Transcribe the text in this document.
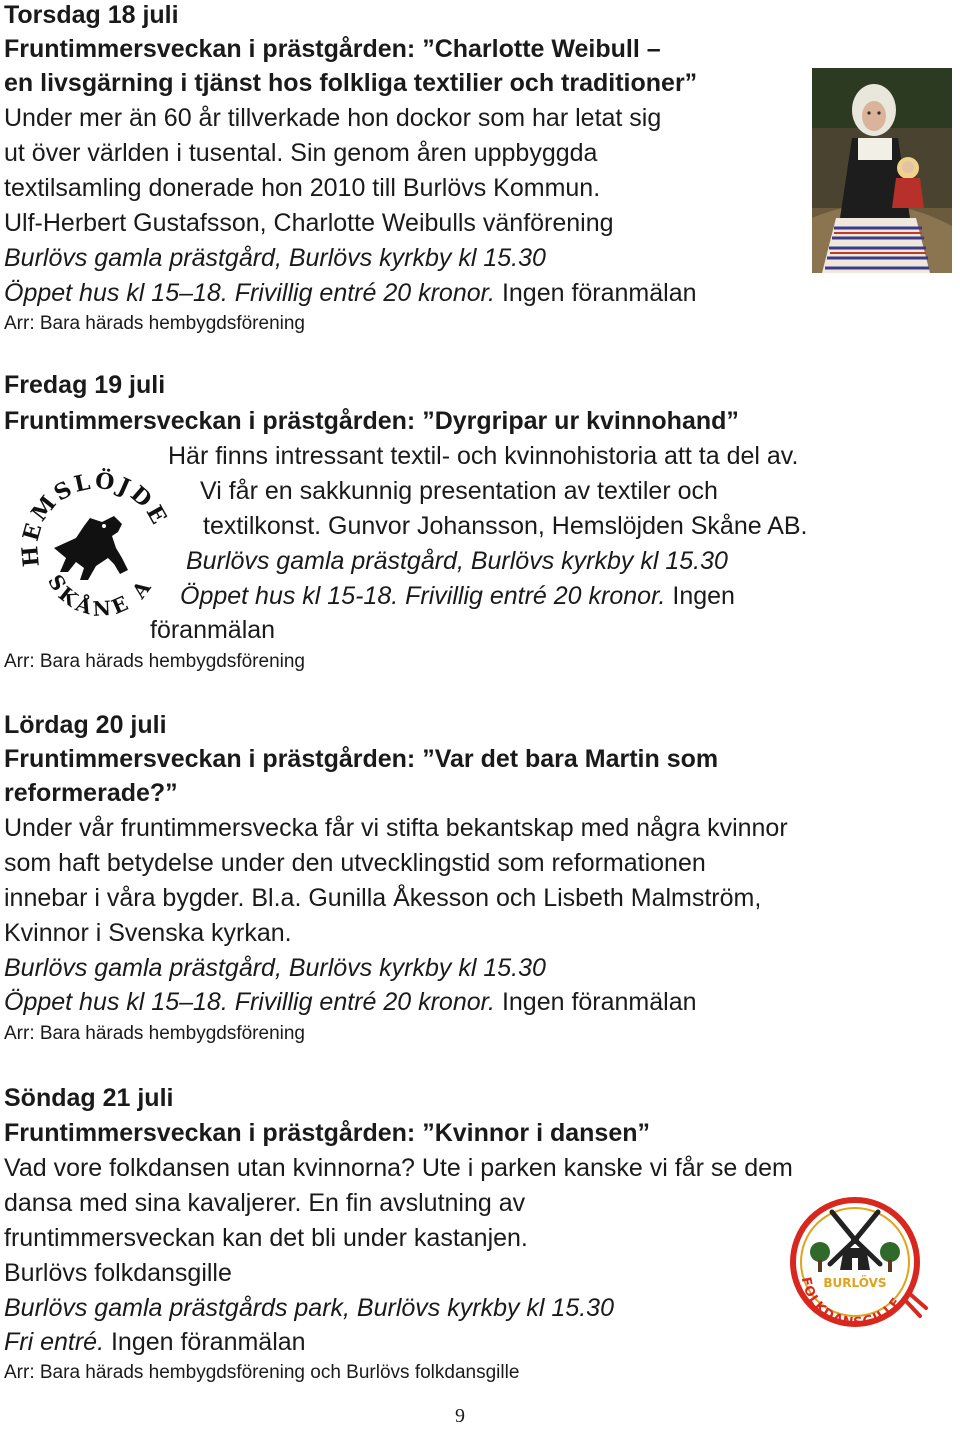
Torsdag 18 juli
Fruntimmersveckan i prästgården: ”Charlotte Weibull –
en livsgärning i tjänst hos folkliga textilier och traditioner”
Under mer än 60 år tillverkade hon dockor som har letat sig
ut över världen i tusental. Sin genom åren uppbyggda
textilsamling donerade hon 2010 till Burlövs Kommun.
Ulf-Herbert Gustafsson, Charlotte Weibulls vänförening
Burlövs gamla prästgård, Burlövs kyrkby kl 15.30
Öppet hus kl 15–18. Frivillig entré 20 kronor. Ingen föranmälan
Arr: Bara härads hembygdsförening
Fredag 19 juli
Fruntimmersveckan i prästgården: ”Dyrgripar ur kvinnohand”
Här finns intressant textil- och kvinnohistoria att ta del av.
Vi får en sakkunnig presentation av textiler och
textilkonst. Gunvor Johansson, Hemslöjden Skåne AB.
Burlövs gamla prästgård, Burlövs kyrkby kl 15.30
Öppet hus kl 15-18. Frivillig entré 20 kronor. Ingen
föranmälan
Arr: Bara härads hembygdsförening
HEMSLÖJD
SKÅNE A
Lördag 20 juli
Fruntimmersveckan i prästgården: ”Var det bara Martin som
reformerade?”
Under vår fruntimmersvecka får vi stifta bekantskap med några kvinnor
som haft betydelse under den utvecklingstid som reformationen
innebar i våra bygder. Bl.a. Gunilla Åkesson och Lisbeth Malmström,
Kvinnor i Svenska kyrkan.
Burlövs gamla prästgård, Burlövs kyrkby kl 15.30
Öppet hus kl 15–18. Frivillig entré 20 kronor. Ingen föranmälan
Arr: Bara härads hembygdsförening
Söndag 21 juli
Fruntimmersveckan i prästgården: ”Kvinnor i dansen”
Vad vore folkdansen utan kvinnorna? Ute i parken kanske vi får se dem
dansa med sina kavaljerer. En fin avslutning av
fruntimmersveckan kan det bli under kastanjen.
Burlövs folkdansgille
Burlövs gamla prästgårds park, Burlövs kyrkby kl 15.30
Fri entré. Ingen föranmälan
Arr: Bara härads hembygdsförening och Burlövs folkdansgille
BURLÖVS
FOLKDANSGILLE
9
